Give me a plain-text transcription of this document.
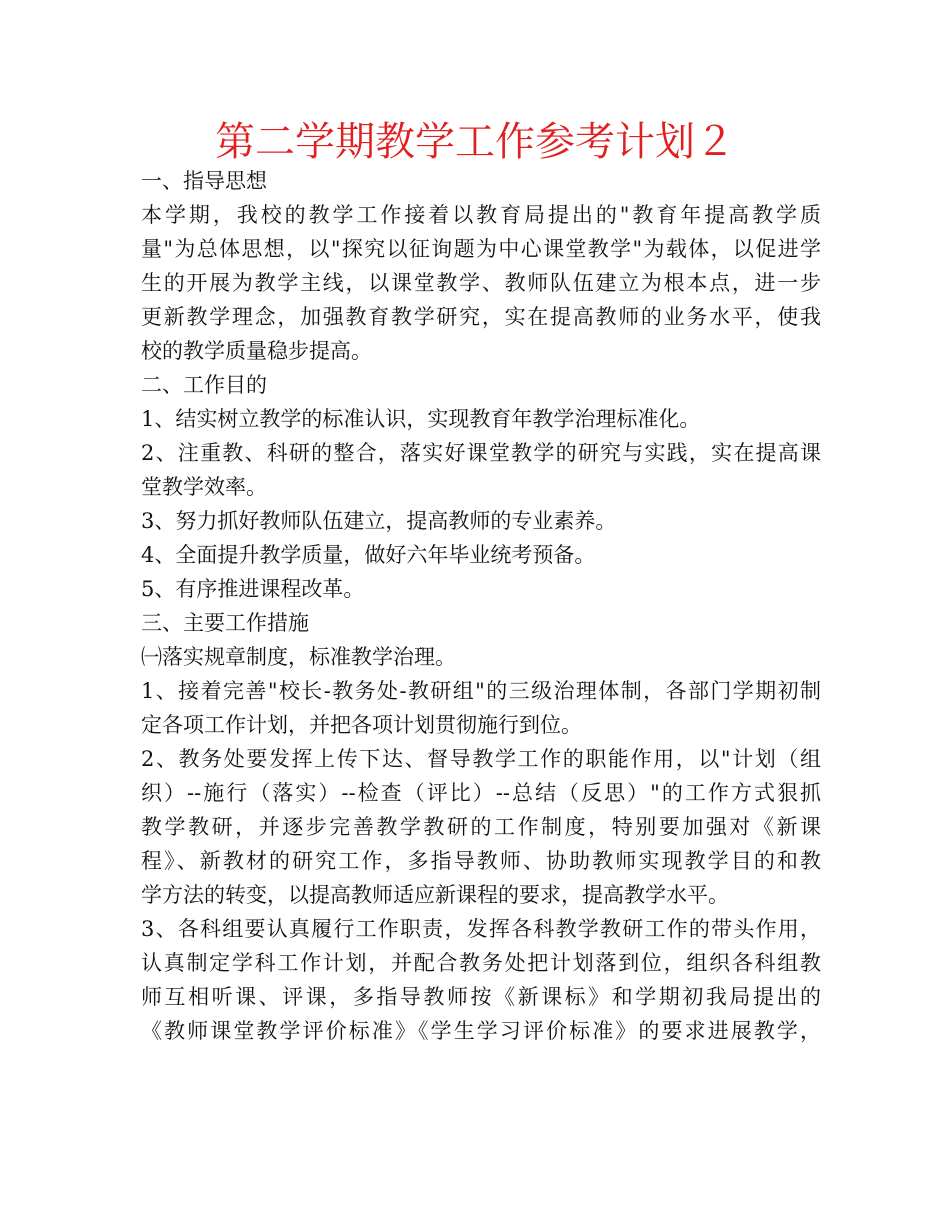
第二学期教学工作参考计划２
一、指导思想
本学期，我校的教学工作接着以教育局提出的"教育年提高教学质
量"为总体思想，以"探究以征询题为中心课堂教学"为载体，以促进学
生的开展为教学主线，以课堂教学、教师队伍建立为根本点，进一步
更新教学理念，加强教育教学研究，实在提高教师的业务水平，使我
校的教学质量稳步提高。
二、工作目的
1、结实树立教学的标准认识，实现教育年教学治理标准化。
2、注重教、科研的整合，落实好课堂教学的研究与实践，实在提高课
堂教学效率。
3、努力抓好教师队伍建立，提高教师的专业素养。
4、全面提升教学质量，做好六年毕业统考预备。
5、有序推进课程改革。
三、主要工作措施
㈠落实规章制度，标准教学治理。
1、接着完善"校长-教务处-教研组"的三级治理体制，各部门学期初制
定各项工作计划，并把各项计划贯彻施行到位。
2、教务处要发挥上传下达、督导教学工作的职能作用，以"计划（组
织）--施行（落实）--检查（评比）--总结（反思）"的工作方式狠抓
教学教研，并逐步完善教学教研的工作制度，特别要加强对《新课
程》、新教材的研究工作，多指导教师、协助教师实现教学目的和教
学方法的转变，以提高教师适应新课程的要求，提高教学水平。
3、各科组要认真履行工作职责，发挥各科教学教研工作的带头作用，
认真制定学科工作计划，并配合教务处把计划落到位，组织各科组教
师互相听课、评课，多指导教师按《新课标》和学期初我局提出的
《教师课堂教学评价标准》《学生学习评价标准》的要求进展教学，
